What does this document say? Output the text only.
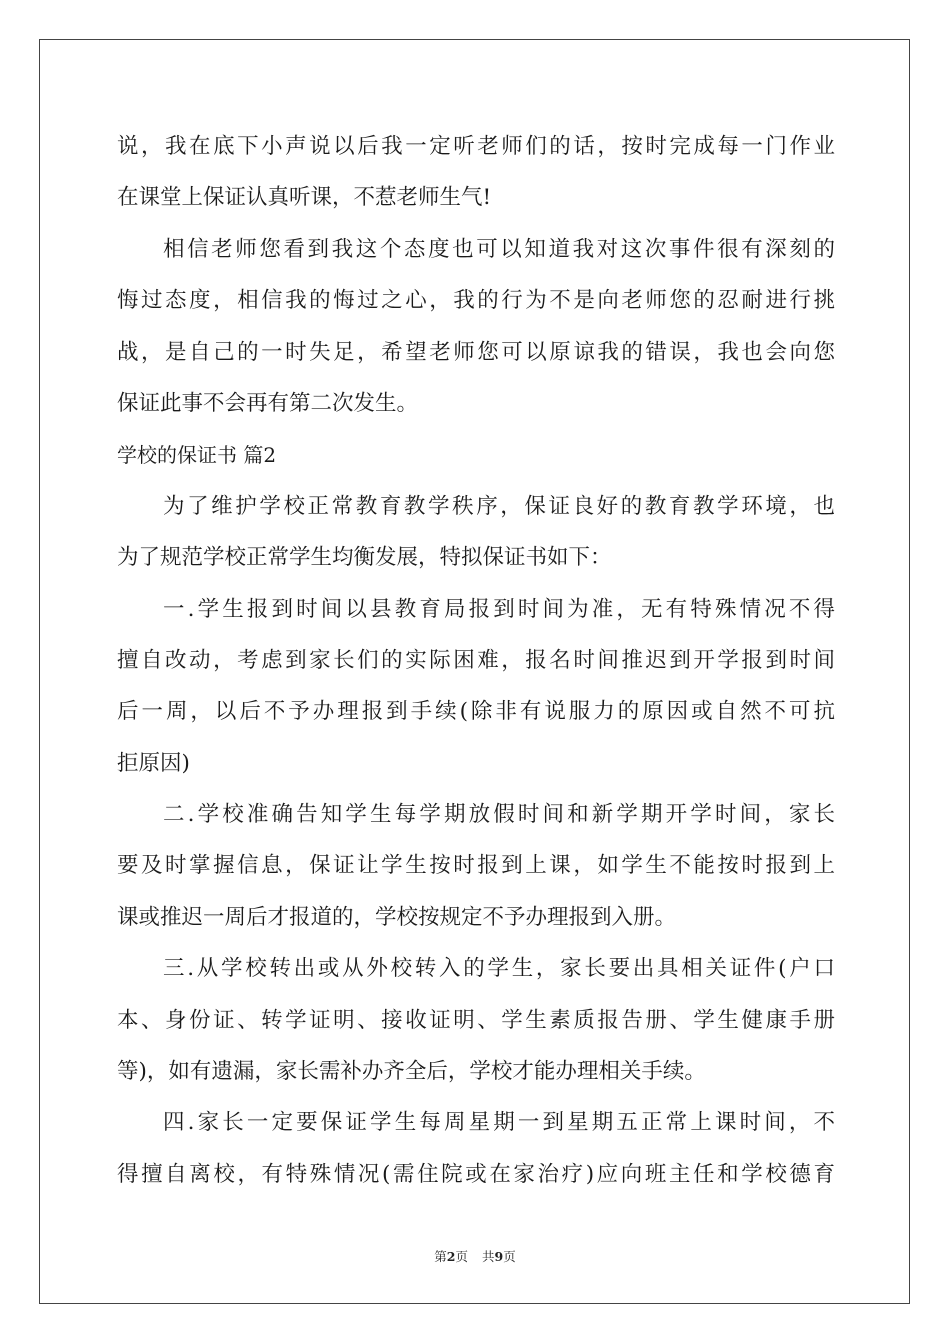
说，我在底下小声说以后我一定听老师们的话，按时完成每一门作业
在课堂上保证认真听课，不惹老师生气!
相信老师您看到我这个态度也可以知道我对这次事件很有深刻的
悔过态度，相信我的悔过之心，我的行为不是向老师您的忍耐进行挑
战，是自己的一时失足，希望老师您可以原谅我的错误，我也会向您
保证此事不会再有第二次发生。
学校的保证书 篇2
为了维护学校正常教育教学秩序，保证良好的教育教学环境，也
为了规范学校正常学生均衡发展，特拟保证书如下：
一.学生报到时间以县教育局报到时间为准，无有特殊情况不得
擅自改动，考虑到家长们的实际困难，报名时间推迟到开学报到时间
后一周，以后不予办理报到手续(除非有说服力的原因或自然不可抗
拒原因)
二.学校准确告知学生每学期放假时间和新学期开学时间，家长
要及时掌握信息，保证让学生按时报到上课，如学生不能按时报到上
课或推迟一周后才报道的，学校按规定不予办理报到入册。
三.从学校转出或从外校转入的学生，家长要出具相关证件(户口
本、身份证、转学证明、接收证明、学生素质报告册、学生健康手册
等)，如有遗漏，家长需补办齐全后，学校才能办理相关手续。
四.家长一定要保证学生每周星期一到星期五正常上课时间，不
得擅自离校，有特殊情况(需住院或在家治疗)应向班主任和学校德育
第2页 共9页
